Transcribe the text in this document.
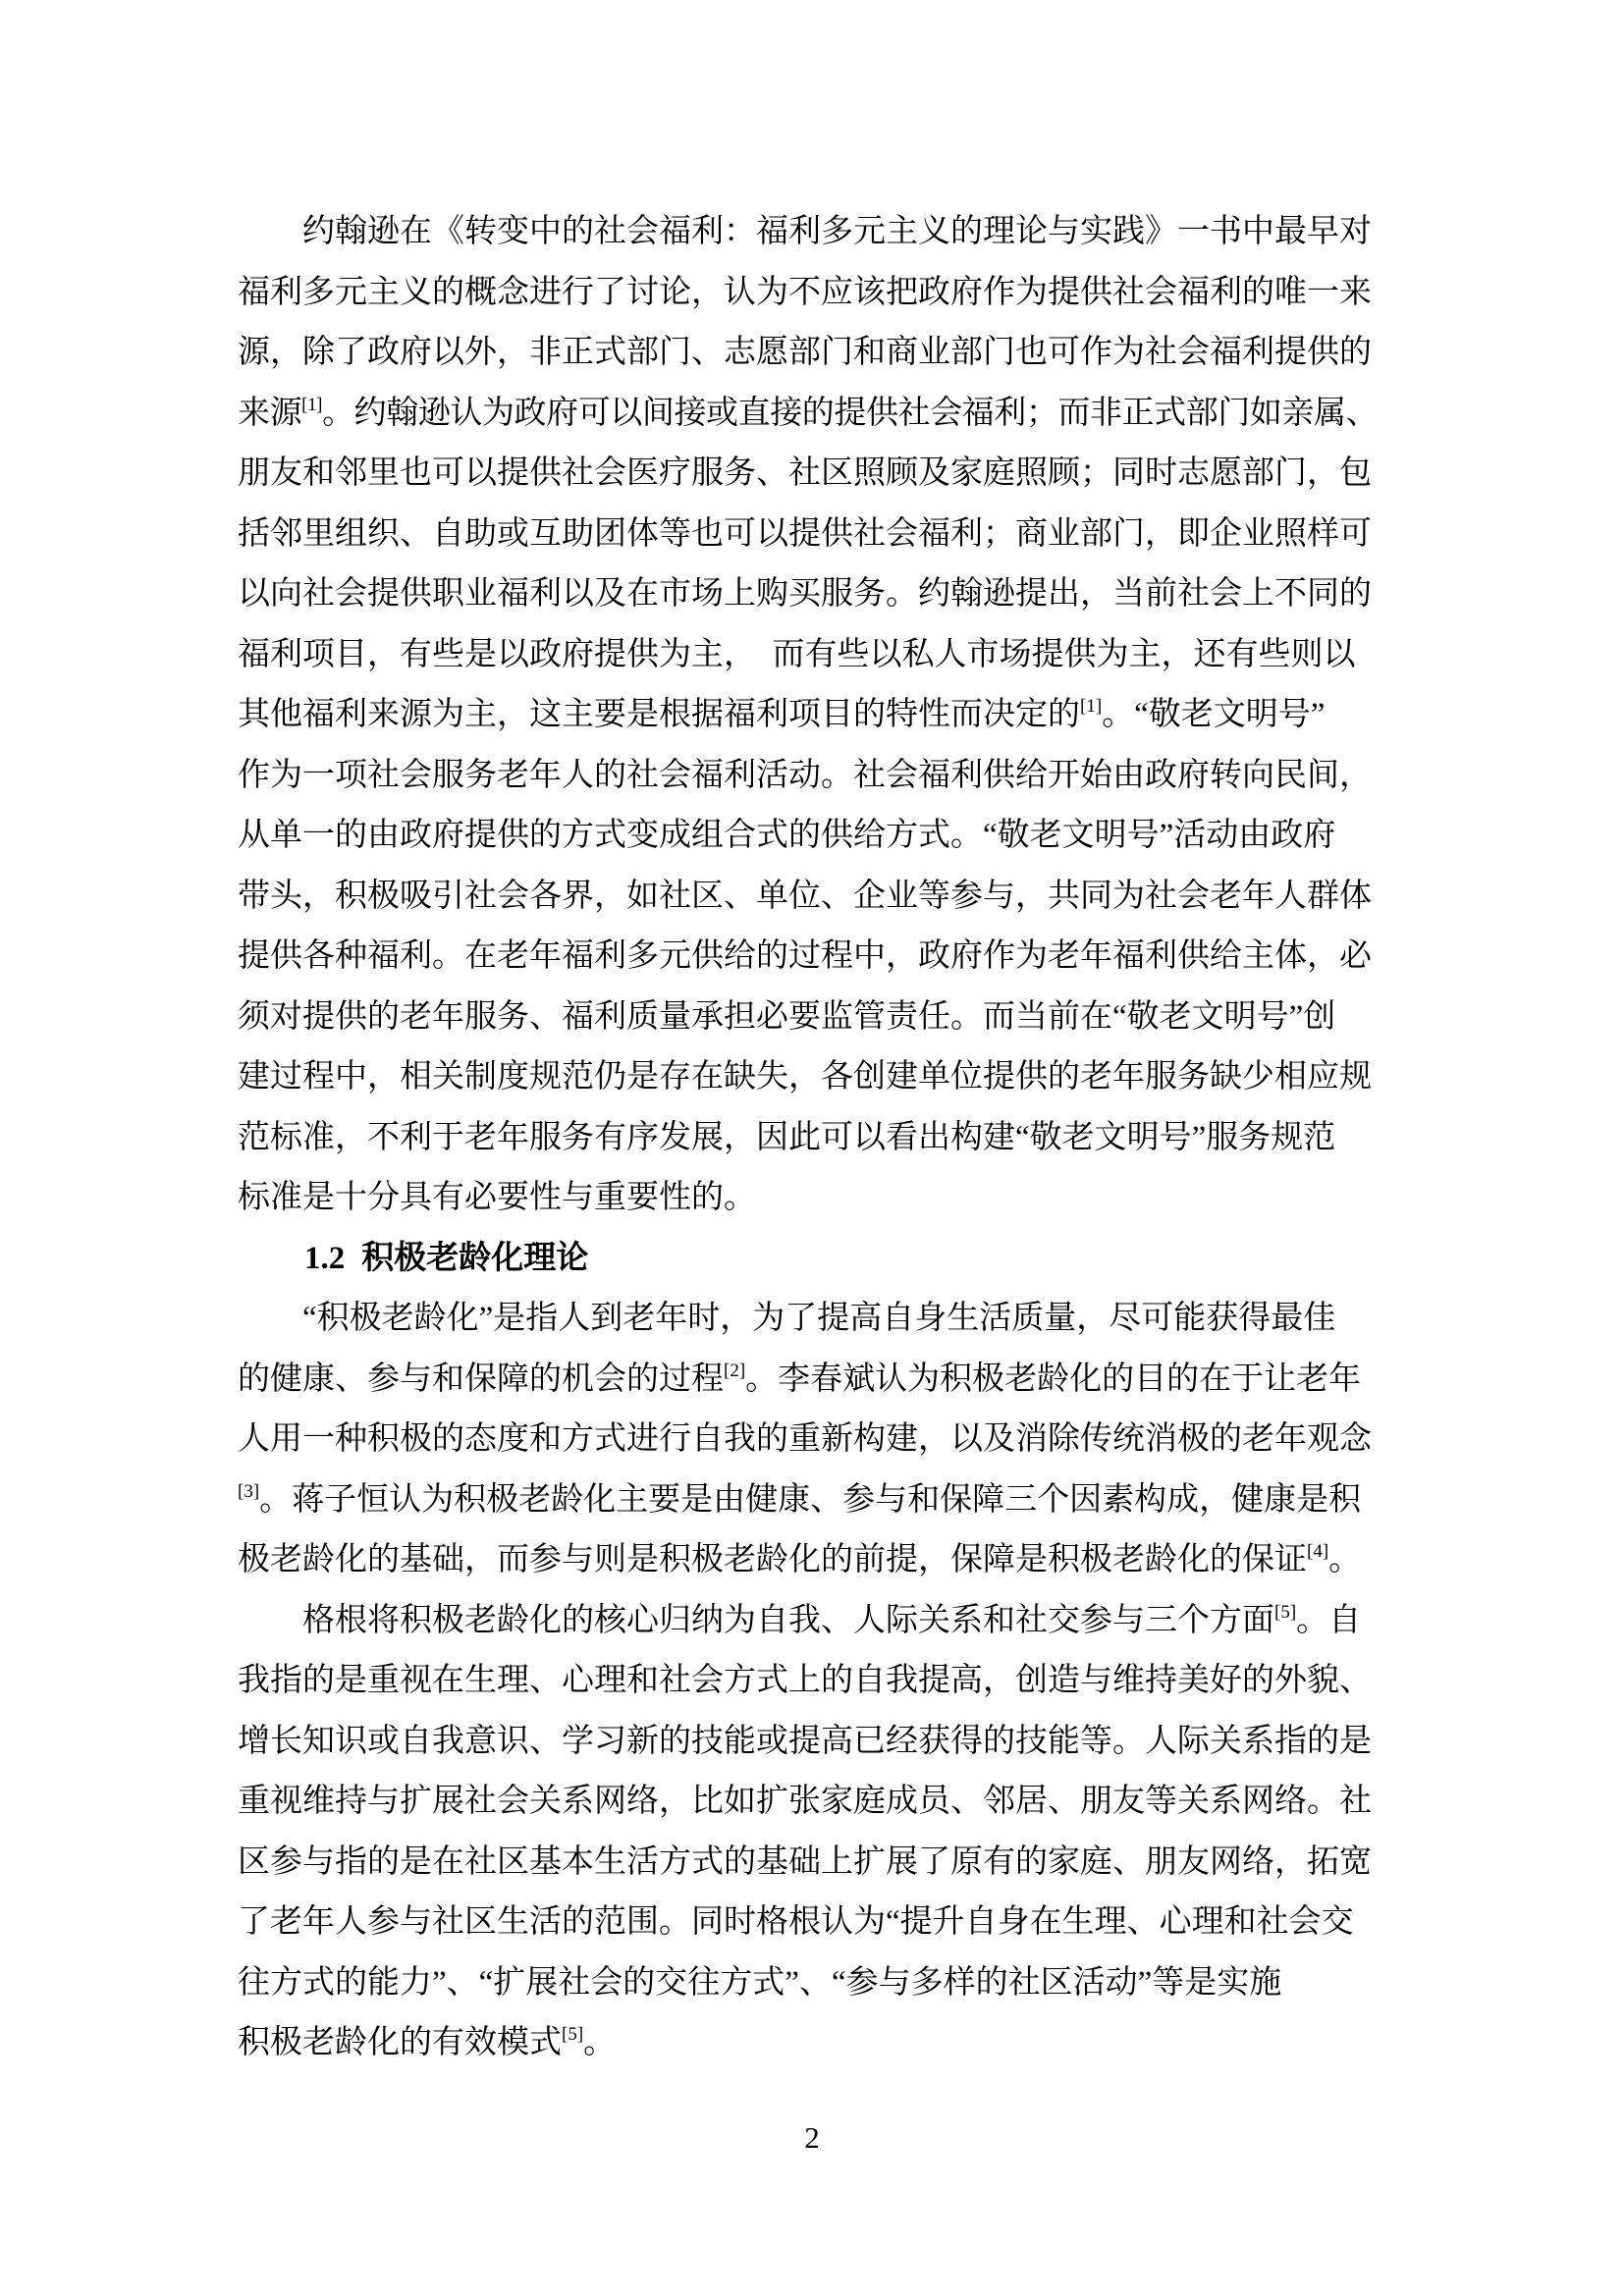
约翰逊在《转变中的社会福利：福利多元主义的理论与实践》一书中最早对
福利多元主义的概念进行了讨论，认为不应该把政府作为提供社会福利的唯一来
源，除了政府以外，非正式部门、志愿部门和商业部门也可作为社会福利提供的
来源[1]。约翰逊认为政府可以间接或直接的提供社会福利；而非正式部门如亲属、
朋友和邻里也可以提供社会医疗服务、社区照顾及家庭照顾；同时志愿部门，包
括邻里组织、自助或互助团体等也可以提供社会福利；商业部门，即企业照样可
以向社会提供职业福利以及在市场上购买服务。约翰逊提出，当前社会上不同的
福利项目，有些是以政府提供为主，　而有些以私人市场提供为主，还有些则以
其他福利来源为主，这主要是根据福利项目的特性而决定的[1]。“敬老文明号”
作为一项社会服务老年人的社会福利活动。社会福利供给开始由政府转向民间，
从单一的由政府提供的方式变成组合式的供给方式。“敬老文明号”活动由政府
带头，积极吸引社会各界，如社区、单位、企业等参与，共同为社会老年人群体
提供各种福利。在老年福利多元供给的过程中，政府作为老年福利供给主体，必
须对提供的老年服务、福利质量承担必要监管责任。而当前在“敬老文明号”创
建过程中，相关制度规范仍是存在缺失，各创建单位提供的老年服务缺少相应规
范标准，不利于老年服务有序发展，因此可以看出构建“敬老文明号”服务规范
标准是十分具有必要性与重要性的。
1.2 积极老龄化理论
“积极老龄化”是指人到老年时，为了提高自身生活质量，尽可能获得最佳
的健康、参与和保障的机会的过程[2]。李春斌认为积极老龄化的目的在于让老年
人用一种积极的态度和方式进行自我的重新构建，以及消除传统消极的老年观念
[3]。蒋子恒认为积极老龄化主要是由健康、参与和保障三个因素构成，健康是积
极老龄化的基础，而参与则是积极老龄化的前提，保障是积极老龄化的保证[4]。
格根将积极老龄化的核心归纳为自我、人际关系和社交参与三个方面[5]。自
我指的是重视在生理、心理和社会方式上的自我提高，创造与维持美好的外貌、
增长知识或自我意识、学习新的技能或提高已经获得的技能等。人际关系指的是
重视维持与扩展社会关系网络，比如扩张家庭成员、邻居、朋友等关系网络。社
区参与指的是在社区基本生活方式的基础上扩展了原有的家庭、朋友网络，拓宽
了老年人参与社区生活的范围。同时格根认为“提升自身在生理、心理和社会交
往方式的能力”、“扩展社会的交往方式”、“参与多样的社区活动”等是实施
积极老龄化的有效模式[5]。
2
